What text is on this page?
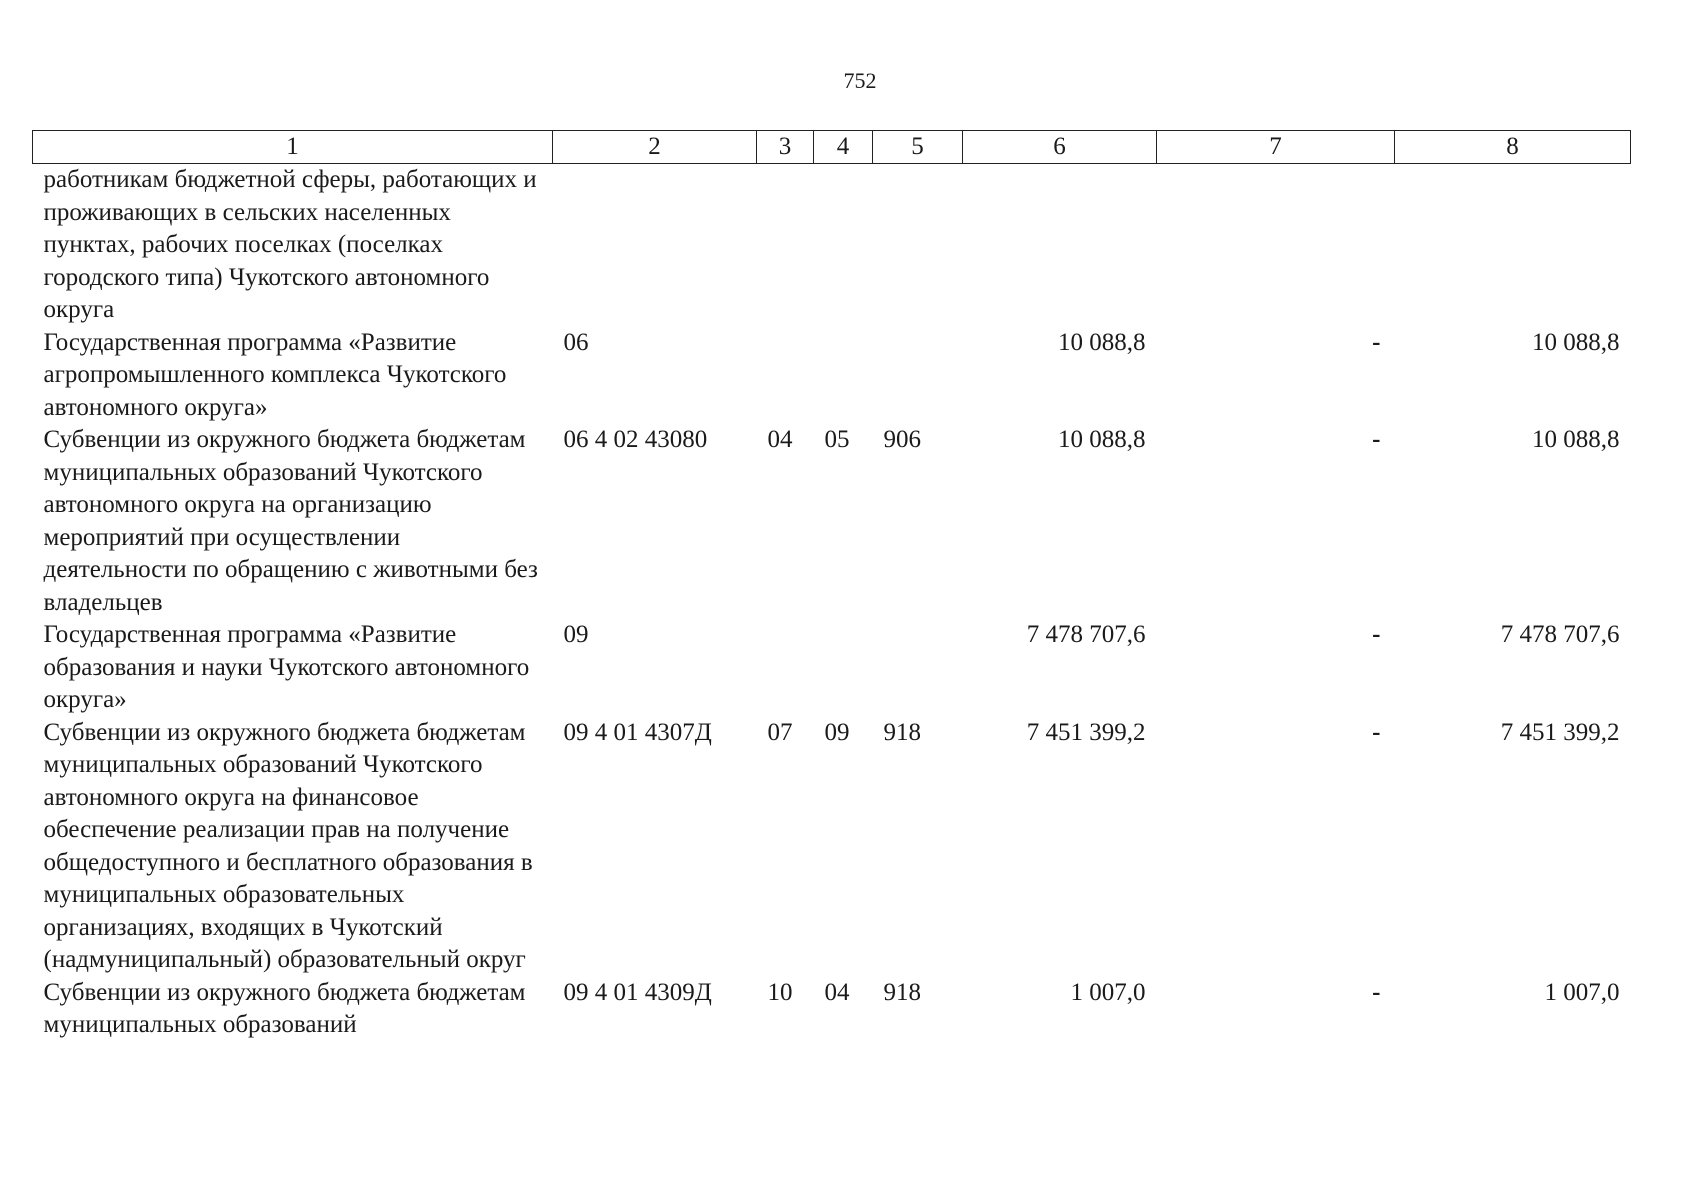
752
1	2	3	4	5	6	7	8
работникам бюджетной сферы, работающих и проживающих в сельских населенных пунктах, рабочих поселках (поселках городского типа) Чукотского автономного округа							
Государственная программа «Развитие агропромышленного комплекса Чукотского автономного округа»	06				10 088,8	-	10 088,8
Субвенции из окружного бюджета бюджетам муниципальных образований Чукотского автономного округа на организацию мероприятий при осуществлении деятельности по обращению с животными без владельцев	06 4 02 43080	04	05	906	10 088,8	-	10 088,8
Государственная программа «Развитие образования и науки Чукотского автономного округа»	09				7 478 707,6	-	7 478 707,6
Субвенции из окружного бюджета бюджетам муниципальных образований Чукотского автономного округа на финансовое обеспечение реализации прав на получение общедоступного и бесплатного образования в муниципальных образовательных организациях, входящих в Чукотский (надмуниципальный) образовательный округ	09 4 01 4307Д	07	09	918	7 451 399,2	-	7 451 399,2
Субвенции из окружного бюджета бюджетам муниципальных образований	09 4 01 4309Д	10	04	918	1 007,0	-	1 007,0
